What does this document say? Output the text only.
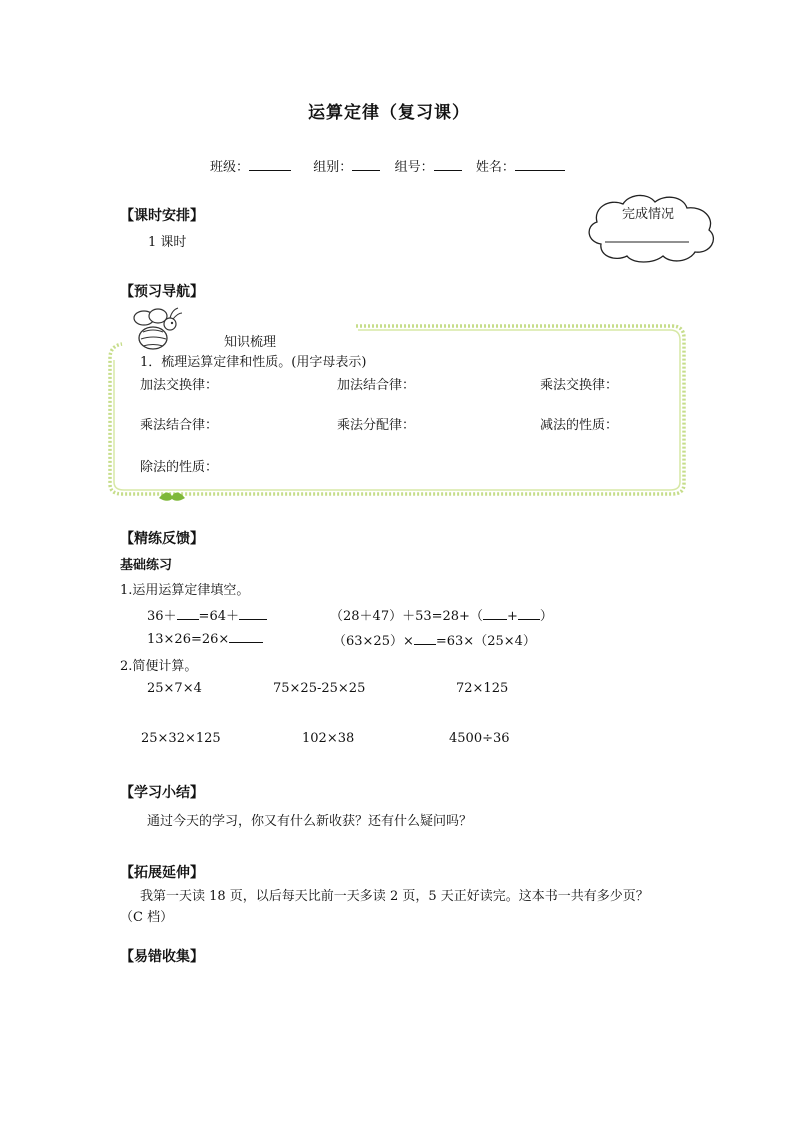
运算定律（复习课）
班级：	组别：	组号：	姓名：
完成情况
【课时安排】
1 课时
【预习导航】
知识梳理
1．梳理运算定律和性质。(用字母表示)
加法交换律：	加法结合律：	乘法交换律：
乘法结合律：	乘法分配律：	减法的性质：
除法的性质：
【精练反馈】
基础练习
1.运用运算定律填空。
36＋ =64＋	（28＋47）＋53=28+（ + ）
13×26=26×	（63×25）× =63×（25×4）
2.简便计算。
25×7×4	75×25-25×25	72×125
25×32×125	102×38	4500÷36
【学习小结】
通过今天的学习，你又有什么新收获？还有什么疑问吗？
【拓展延伸】
我第一天读 18 页，以后每天比前一天多读 2 页，5 天正好读完。这本书一共有多少页？
（C 档）
【易错收集】
